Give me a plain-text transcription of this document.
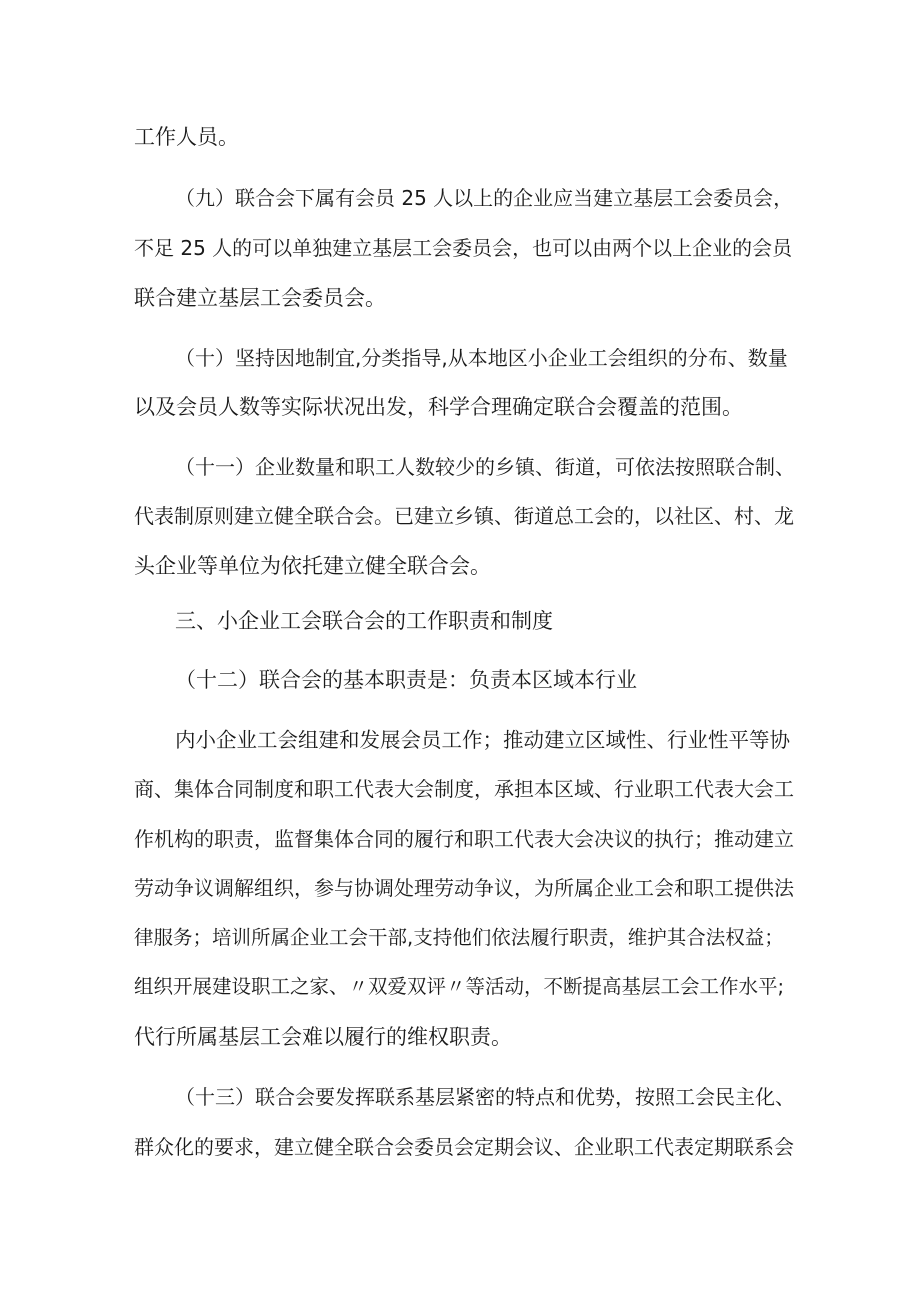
工作人员。
（九）联合会下属有会员 25 人以上的企业应当建立基层工会委员会，
不足 25 人的可以单独建立基层工会委员会，也可以由两个以上企业的会员
联合建立基层工会委员会。
（十）坚持因地制宜,分类指导,从本地区小企业工会组织的分布、数量
以及会员人数等实际状况出发，科学合理确定联合会覆盖的范围。
（十一）企业数量和职工人数较少的乡镇、街道，可依法按照联合制、
代表制原则建立健全联合会。已建立乡镇、街道总工会的，以社区、村、龙
头企业等单位为依托建立健全联合会。
三、小企业工会联合会的工作职责和制度
（十二）联合会的基本职责是：负责本区域本行业
内小企业工会组建和发展会员工作；推动建立区域性、行业性平等协
商、集体合同制度和职工代表大会制度，承担本区域、行业职工代表大会工
作机构的职责，监督集体合同的履行和职工代表大会决议的执行；推动建立
劳动争议调解组织，参与协调处理劳动争议，为所属企业工会和职工提供法
律服务；培训所属企业工会干部,支持他们依法履行职责，维护其合法权益；
组织开展建设职工之家、〃双爱双评〃等活动，不断提高基层工会工作水平;
代行所属基层工会难以履行的维权职责。
（十三）联合会要发挥联系基层紧密的特点和优势，按照工会民主化、
群众化的要求，建立健全联合会委员会定期会议、企业职工代表定期联系会
